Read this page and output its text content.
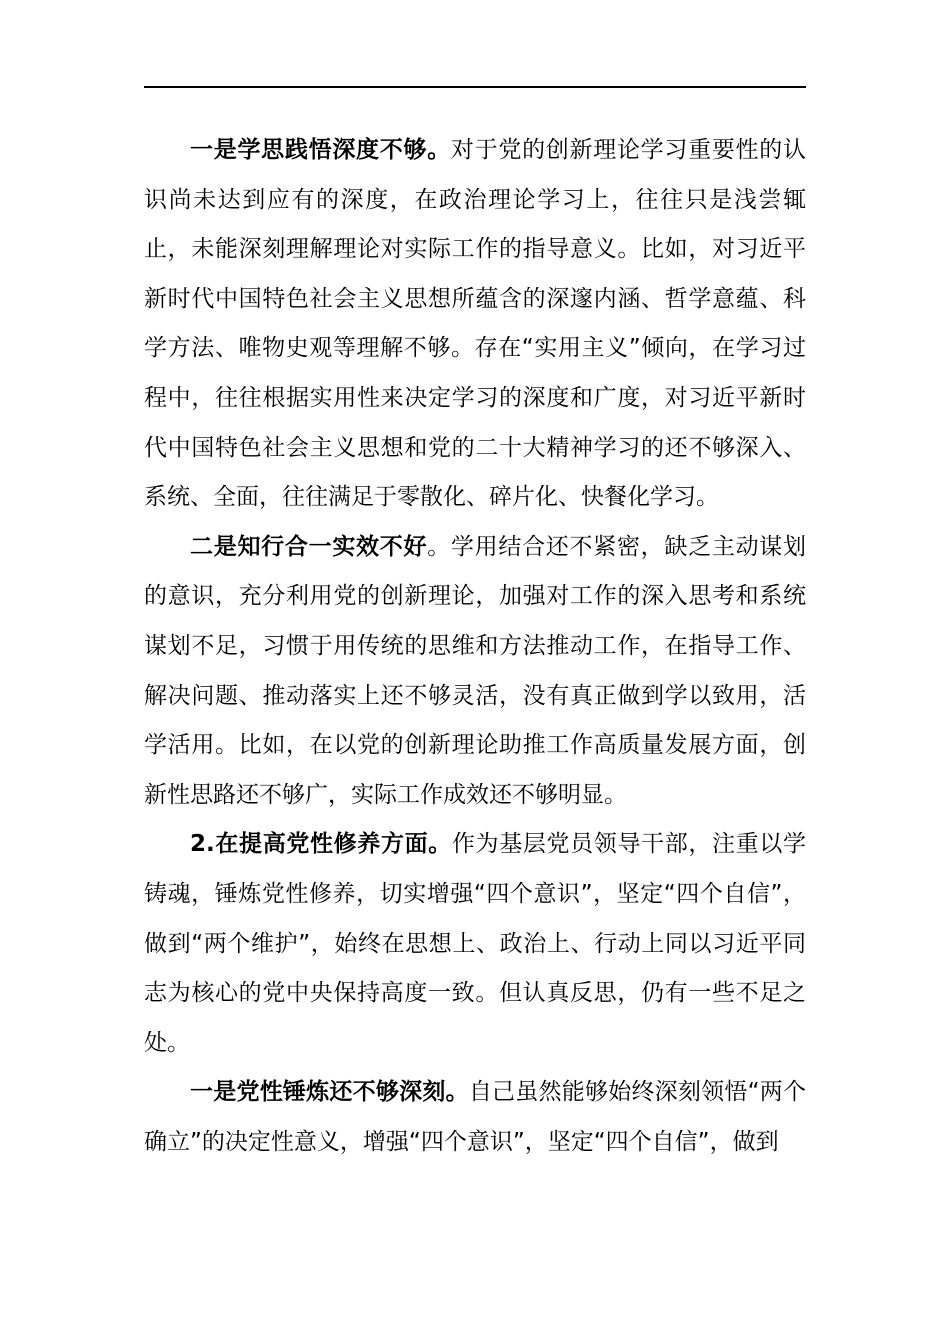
一是学思践悟深度不够。对于党的创新理论学习重要性的认识尚未达到应有的深度，在政治理论学习上，往往只是浅尝辄止，未能深刻理解理论对实际工作的指导意义。比如，对习近平新时代中国特色社会主义思想所蕴含的深邃内涵、哲学意蕴、科学方法、唯物史观等理解不够。存在“实用主义”倾向，在学习过程中，往往根据实用性来决定学习的深度和广度，对习近平新时代中国特色社会主义思想和党的二十大精神学习的还不够深入、系统、全面，往往满足于零散化、碎片化、快餐化学习。

二是知行合一实效不好。学用结合还不紧密，缺乏主动谋划的意识，充分利用党的创新理论，加强对工作的深入思考和系统谋划不足，习惯于用传统的思维和方法推动工作，在指导工作、解决问题、推动落实上还不够灵活，没有真正做到学以致用，活学活用。比如，在以党的创新理论助推工作高质量发展方面，创新性思路还不够广，实际工作成效还不够明显。

2.在提高党性修养方面。作为基层党员领导干部，注重以学铸魂，锤炼党性修养，切实增强“四个意识”，坚定“四个自信”，做到“两个维护”，始终在思想上、政治上、行动上同以习近平同志为核心的党中央保持高度一致。但认真反思，仍有一些不足之处。

一是党性锤炼还不够深刻。自己虽然能够始终深刻领悟“两个确立”的决定性意义，增强“四个意识”，坚定“四个自信”，做到
